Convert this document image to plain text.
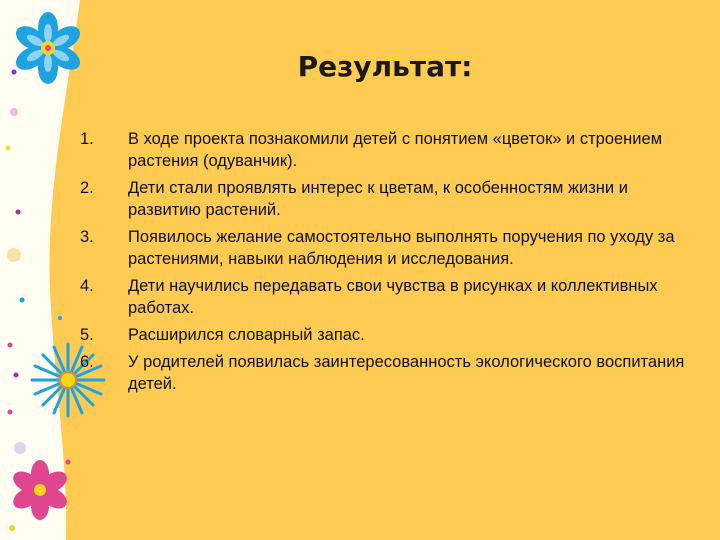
Результат:
1.	В ходе проекта познакомили детей с понятием «цветок» и строением растения (одуванчик).
2.	Дети стали проявлять интерес к цветам, к особенностям жизни и развитию растений.
3.	Появилось желание самостоятельно выполнять поручения по уходу за растениями, навыки наблюдения и исследования.
4.	Дети научились передавать свои чувства в рисунках и коллективных работах.
5.	Расширился словарный запас.
6.	У родителей появилась заинтересованность экологического воспитания детей.
